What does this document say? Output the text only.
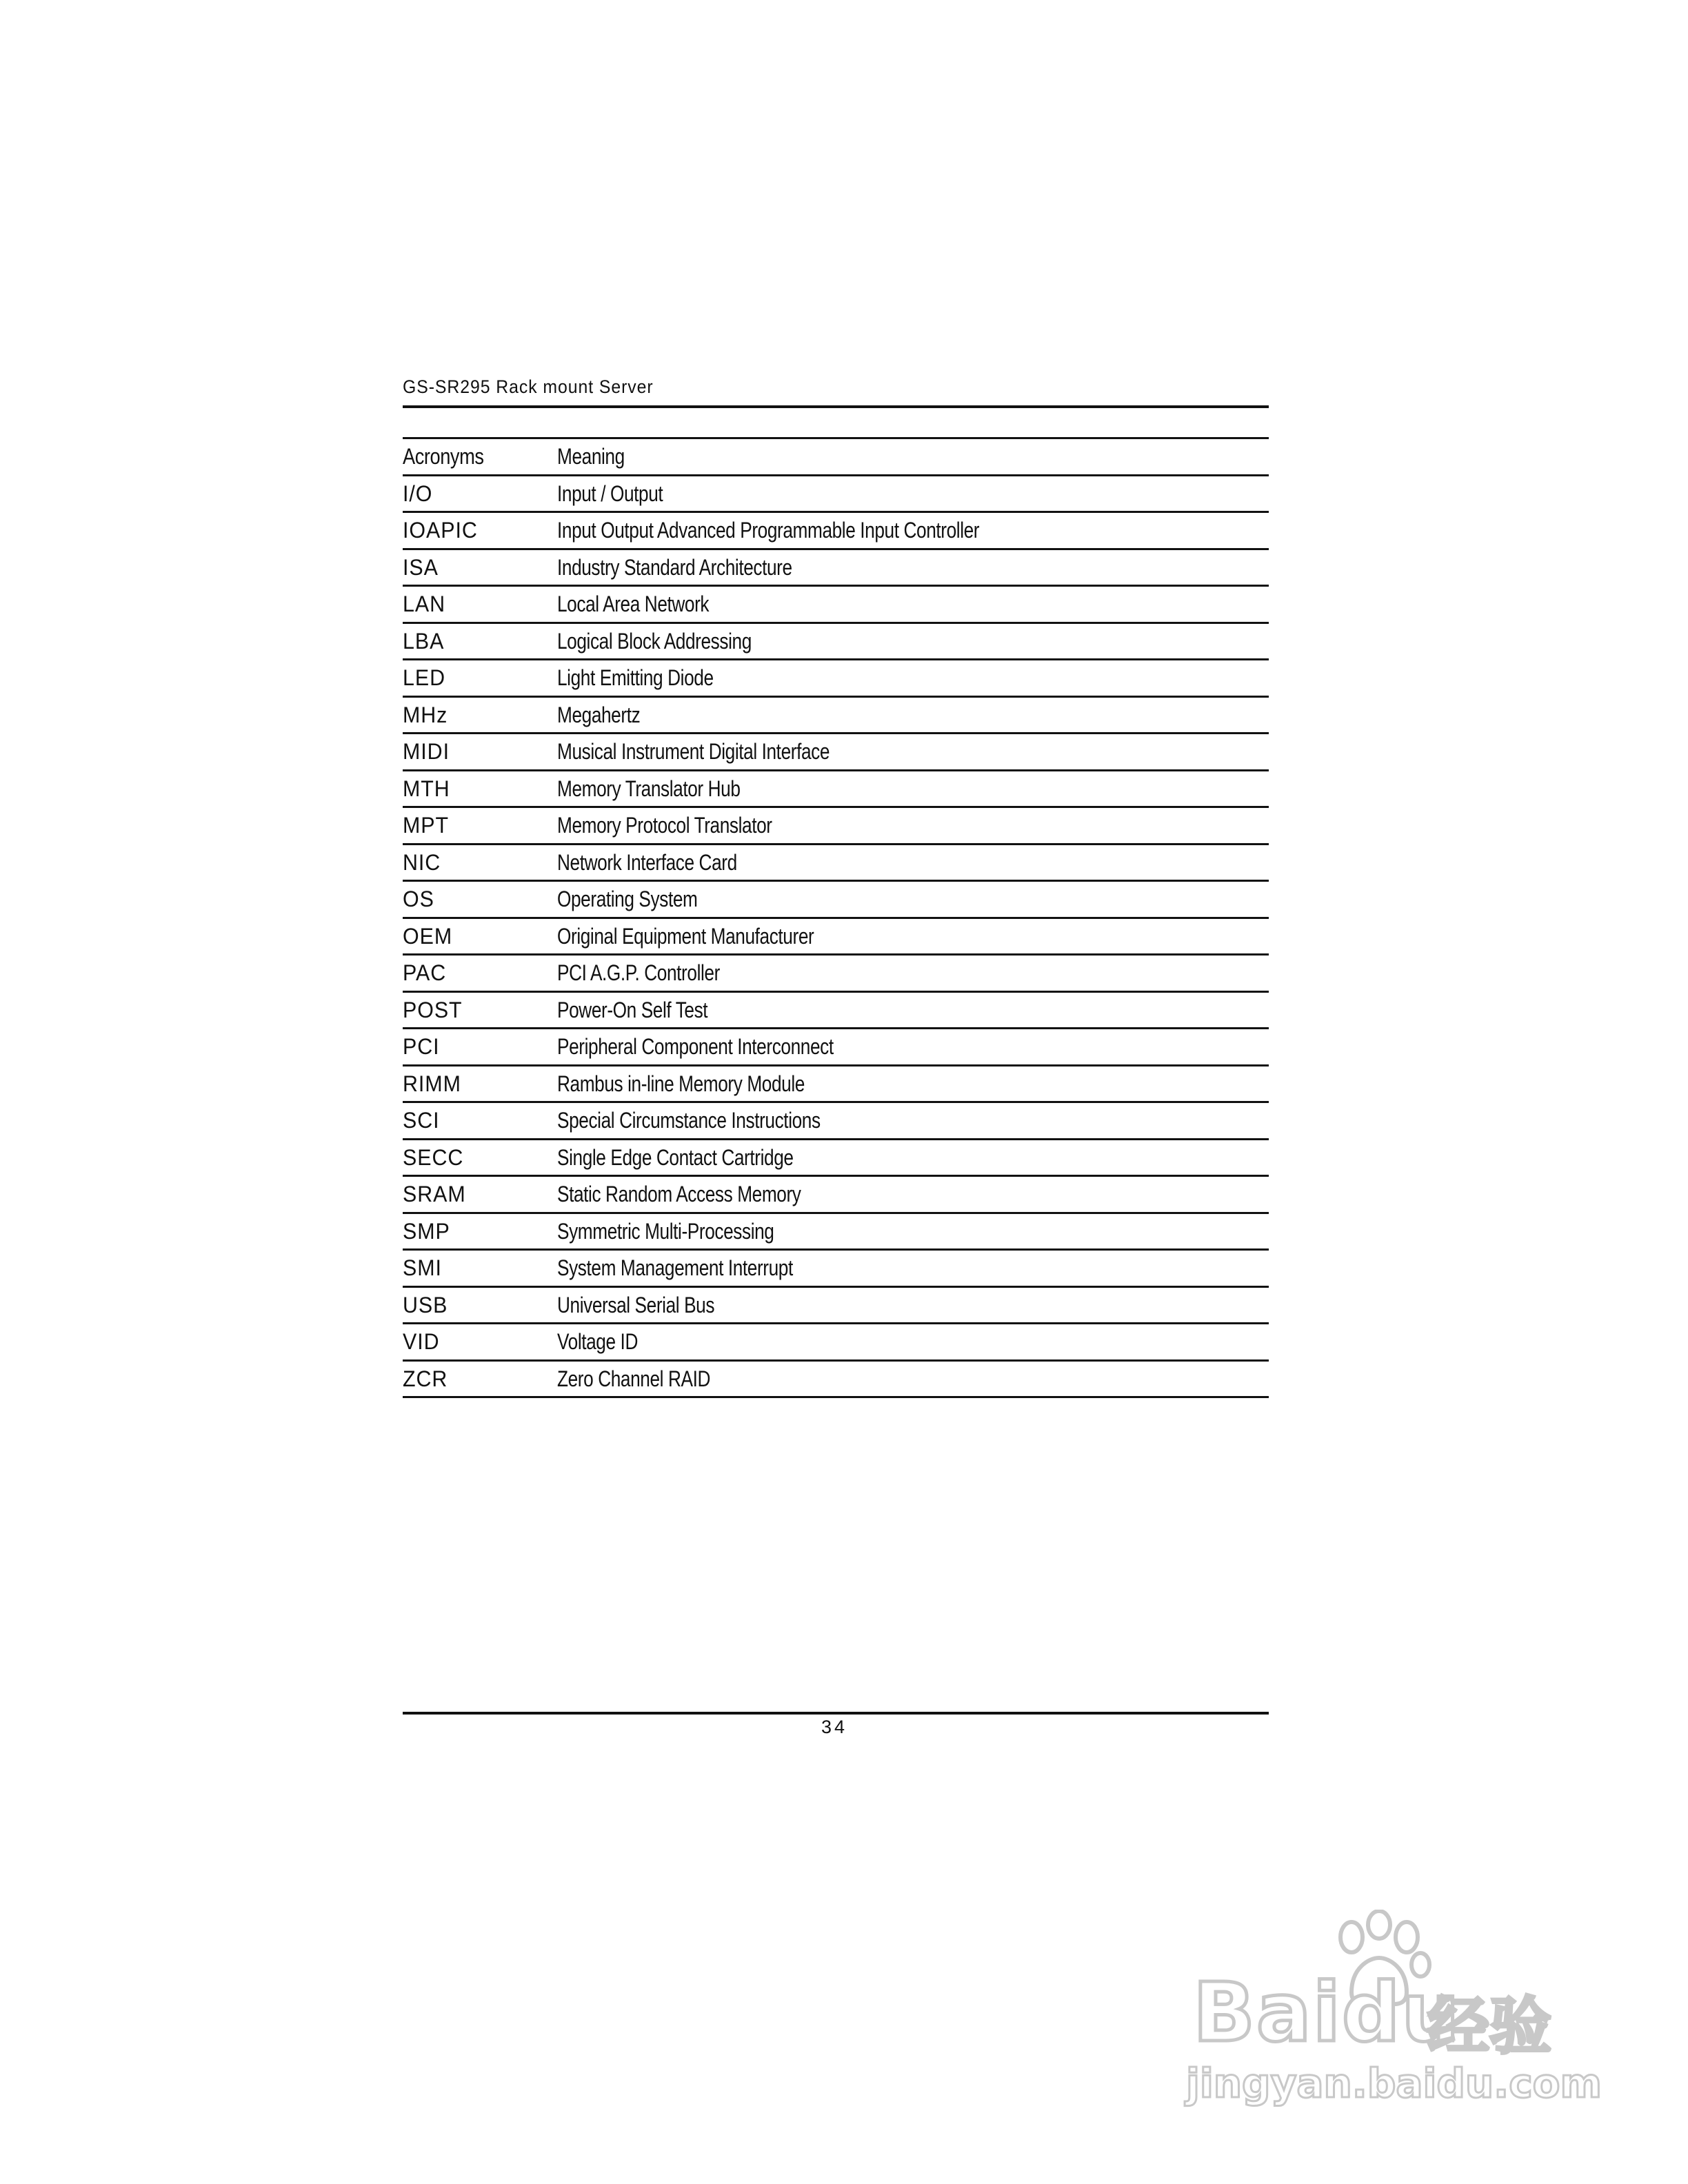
GS-SR295 Rack mount Server
Acronyms	Meaning
I/O	Input / Output
IOAPIC	Input Output Advanced Programmable Input Controller
ISA	Industry Standard Architecture
LAN	Local Area Network
LBA	Logical Block Addressing
LED	Light Emitting Diode
MHz	Megahertz
MIDI	Musical Instrument Digital Interface
MTH	Memory Translator Hub
MPT	Memory Protocol Translator
NIC	Network Interface Card
OS	Operating System
OEM	Original Equipment Manufacturer
PAC	PCI A.G.P. Controller
POST	Power-On Self Test
PCI	Peripheral Component Interconnect
RIMM	Rambus in-line Memory Module
SCI	Special Circumstance Instructions
SECC	Single Edge Contact Cartridge
SRAM	Static Random Access Memory
SMP	Symmetric Multi-Processing
SMI	System Management Interrupt
USB	Universal Serial Bus
VID	Voltage ID
ZCR	Zero Channel RAID
34
Baidu
经验
jingyan.baidu.com
